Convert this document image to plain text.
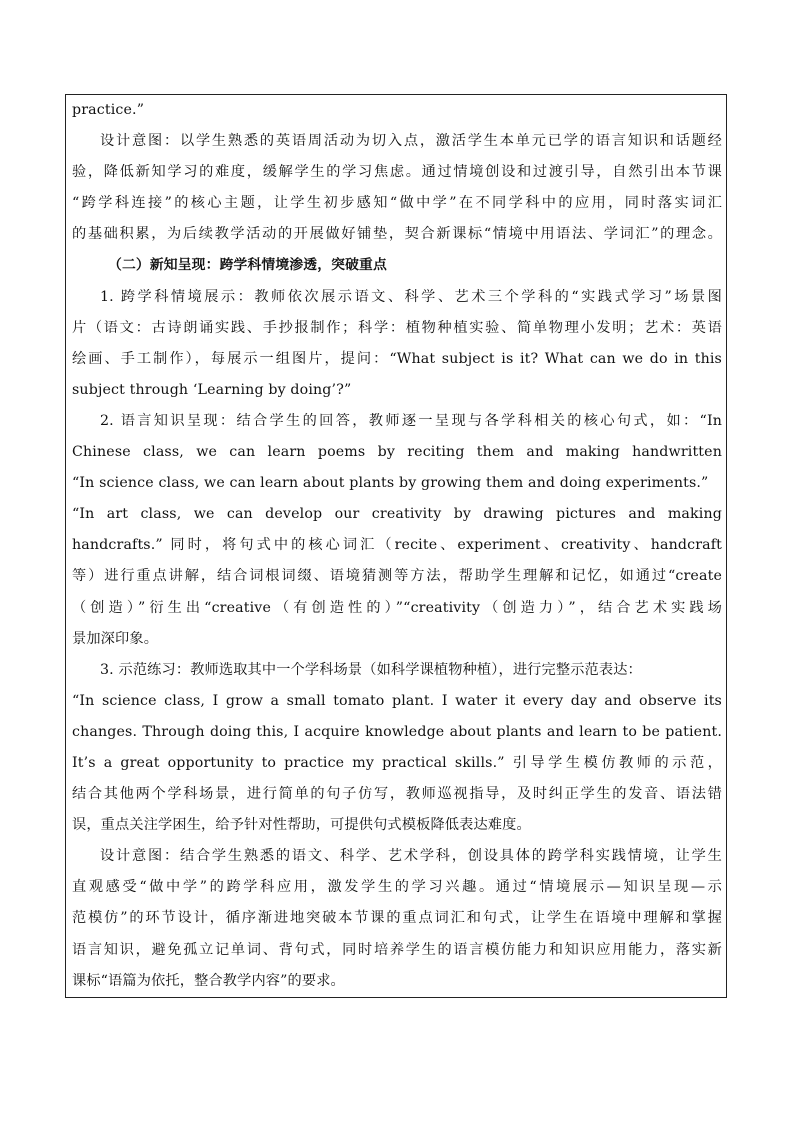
practice.”
设计意图：以学生熟悉的英语周活动为切入点，激活学生本单元已学的语言知识和话题经
验，降低新知学习的难度，缓解学生的学习焦虑。通过情境创设和过渡引导，自然引出本节课
“跨学科连接”的核心主题，让学生初步感知“做中学”在不同学科中的应用，同时落实词汇
的基础积累，为后续教学活动的开展做好铺垫，契合新课标“情境中用语法、学词汇”的理念。
（二）新知呈现：跨学科情境渗透，突破重点
1. 跨学科情境展示：教师依次展示语文、科学、艺术三个学科的“实践式学习”场景图
片（语文：古诗朗诵实践、手抄报制作；科学：植物种植实验、简单物理小发明；艺术：英语
绘画、手工制作），每展示一组图片，提问：“What subject is it? What can we do in this
subject through ‘Learning by doing’?”
2. 语言知识呈现：结合学生的回答，教师逐一呈现与各学科相关的核心句式，如：“In
Chinese class, we can learn poems by reciting them and making handwritten
“In science class, we can learn about plants by growing them and doing experiments.”
“In art class, we can develop our creativity by drawing pictures and making
handcrafts.” 同时，将句式中的核心词汇（recite、experiment、creativity、handcraft
等）进行重点讲解，结合词根词缀、语境猜测等方法，帮助学生理解和记忆，如通过“create
（创造）”衍生出“creative（有创造性的）”“creativity（创造力）”，结合艺术实践场
景加深印象。
3. 示范练习：教师选取其中一个学科场景（如科学课植物种植），进行完整示范表达：
“In science class, I grow a small tomato plant. I water it every day and observe its
changes. Through doing this, I acquire knowledge about plants and learn to be patient.
It’s a great opportunity to practice my practical skills.” 引导学生模仿教师的示范，
结合其他两个学科场景，进行简单的句子仿写，教师巡视指导，及时纠正学生的发音、语法错
误，重点关注学困生，给予针对性帮助，可提供句式模板降低表达难度。
设计意图：结合学生熟悉的语文、科学、艺术学科，创设具体的跨学科实践情境，让学生
直观感受“做中学”的跨学科应用，激发学生的学习兴趣。通过“情境展示—知识呈现—示
范模仿”的环节设计，循序渐进地突破本节课的重点词汇和句式，让学生在语境中理解和掌握
语言知识，避免孤立记单词、背句式，同时培养学生的语言模仿能力和知识应用能力，落实新
课标“语篇为依托，整合教学内容”的要求。
